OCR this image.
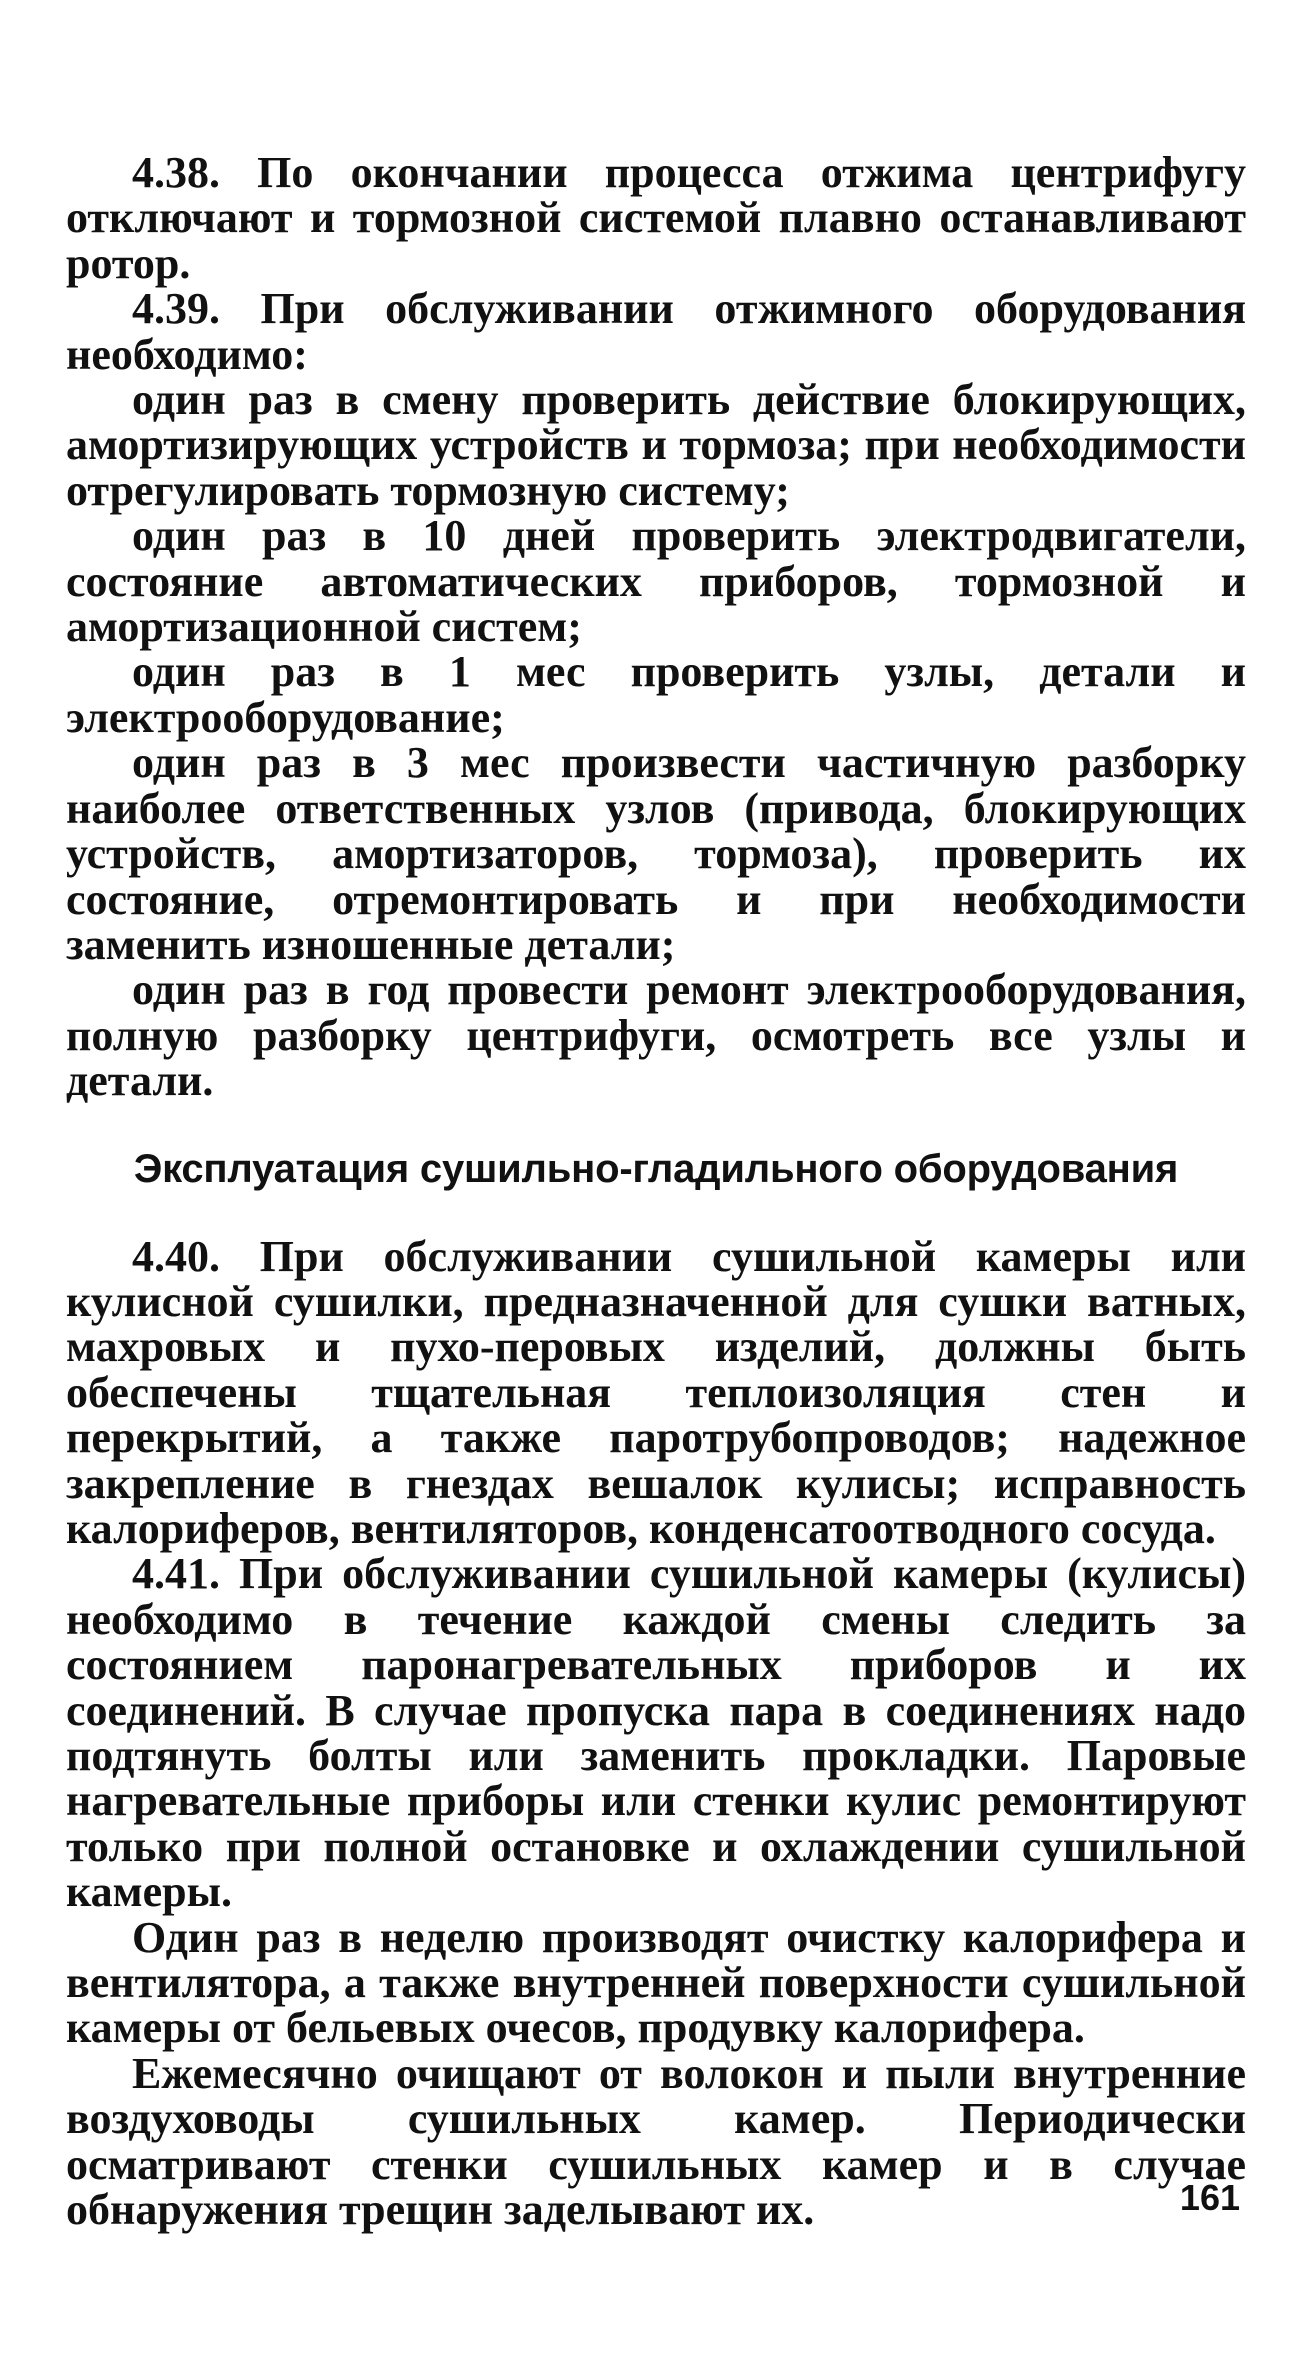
4.38. По окончании процесса отжима центрифугу отключают и тормозной системой плавно останавливают ротор.

4.39. При обслуживании отжимного оборудования необходимо:

один раз в смену проверить действие блокирующих, амортизирующих устройств и тормоза; при необходимости отрегулировать тормозную систему;

один раз в 10 дней проверить электродвигатели, состояние автоматических приборов, тормозной и амортизационной систем;

один раз в 1 мес проверить узлы, детали и электрооборудование;

один раз в 3 мес произвести частичную разборку наиболее ответственных узлов (привода, блокирующих устройств, амортизаторов, тормоза), проверить их состояние, отремонтировать и при необходимости заменить изношенные детали;

один раз в год провести ремонт электрооборудования, полную разборку центрифуги, осмотреть все узлы и детали.

Эксплуатация сушильно-гладильного оборудования

4.40. При обслуживании сушильной камеры или кулисной сушилки, предназначенной для сушки ватных, махровых и пухо-перовых изделий, должны быть обеспечены тщательная теплоизоляция стен и перекрытий, а также паротрубопроводов; надежное закрепление в гнездах вешалок кулисы; исправность калориферов, вентиляторов, конденсатоотводного сосуда.

4.41. При обслуживании сушильной камеры (кулисы) необходимо в течение каждой смены следить за состоянием паронагревательных приборов и их соединений. В случае пропуска пара в соединениях надо подтянуть болты или заменить прокладки. Паровые нагревательные приборы или стенки кулис ремонтируют только при полной остановке и охлаждении сушильной камеры.

Один раз в неделю производят очистку калорифера и вентилятора, а также внутренней поверхности сушильной камеры от бельевых очесов, продувку калорифера.

Ежемесячно очищают от волокон и пыли внутренние воздуховоды сушильных камер. Периодически осматривают стенки сушильных камер и в случае обнаружения трещин заделывают их.	161
